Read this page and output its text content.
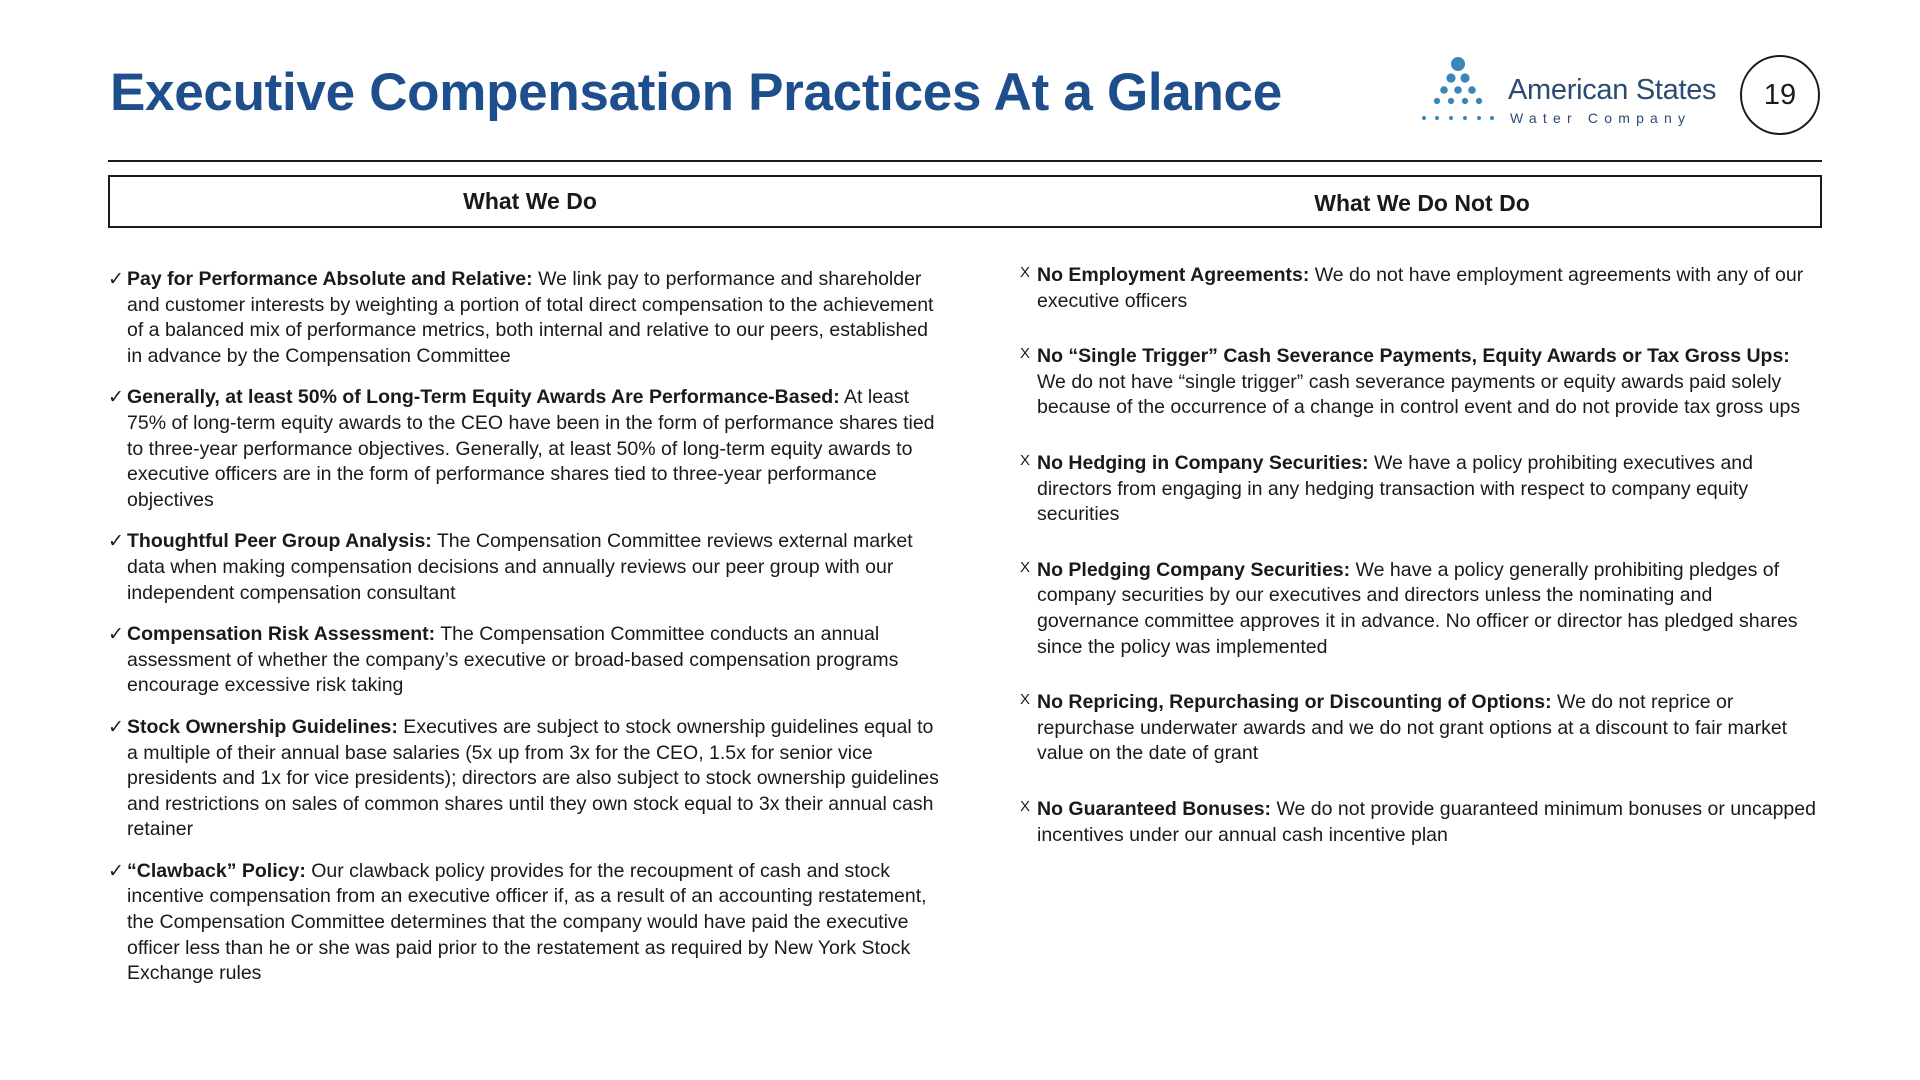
Executive Compensation Practices At a Glance	American States
Water Company
19
What We Do	What We Do Not Do
✓ Pay for Performance Absolute and Relative: We link pay to performance and shareholder and customer interests by weighting a portion of total direct compensation to the achievement of a balanced mix of performance metrics, both internal and relative to our peers, established in advance by the Compensation Committee
✓ Generally, at least 50% of Long-Term Equity Awards Are Performance-Based: At least 75% of long-term equity awards to the CEO have been in the form of performance shares tied to three-year performance objectives. Generally, at least 50% of long-term equity awards to executive officers are in the form of performance shares tied to three-year performance objectives
✓ Thoughtful Peer Group Analysis: The Compensation Committee reviews external market data when making compensation decisions and annually reviews our peer group with our independent compensation consultant
✓ Compensation Risk Assessment: The Compensation Committee conducts an annual assessment of whether the company’s executive or broad-based compensation programs encourage excessive risk taking
✓ Stock Ownership Guidelines: Executives are subject to stock ownership guidelines equal to a multiple of their annual base salaries (5x up from 3x for the CEO, 1.5x for senior vice presidents and 1x for vice presidents); directors are also subject to stock ownership guidelines and restrictions on sales of common shares until they own stock equal to 3x their annual cash retainer
✓ “Clawback” Policy: Our clawback policy provides for the recoupment of cash and stock incentive compensation from an executive officer if, as a result of an accounting restatement, the Compensation Committee determines that the company would have paid the executive officer less than he or she was paid prior to the restatement as required by New York Stock Exchange rules
X No Employment Agreements: We do not have employment agreements with any of our executive officers
X No “Single Trigger” Cash Severance Payments, Equity Awards or Tax Gross Ups: We do not have “single trigger” cash severance payments or equity awards paid solely because of the occurrence of a change in control event and do not provide tax gross ups
X No Hedging in Company Securities: We have a policy prohibiting executives and directors from engaging in any hedging transaction with respect to company equity securities
X No Pledging Company Securities: We have a policy generally prohibiting pledges of company securities by our executives and directors unless the nominating and governance committee approves it in advance. No officer or director has pledged shares since the policy was implemented
X No Repricing, Repurchasing or Discounting of Options: We do not reprice or repurchase underwater awards and we do not grant options at a discount to fair market value on the date of grant
X No Guaranteed Bonuses: We do not provide guaranteed minimum bonuses or uncapped incentives under our annual cash incentive plan
